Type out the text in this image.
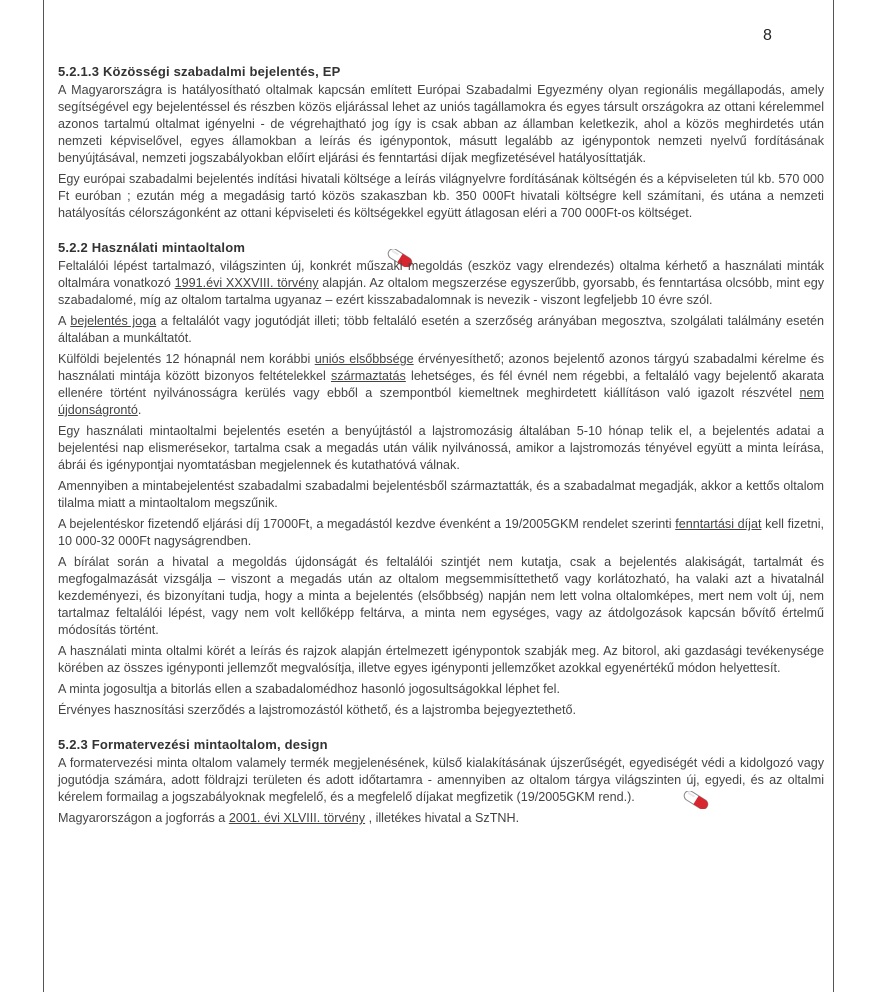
8
5.2.1.3 Közösségi szabadalmi bejelentés, EP

A Magyarországra is hatályosítható oltalmak kapcsán említett Európai Szabadalmi Egyezmény olyan regionális megállapodás, amely segítségével egy bejelentéssel és részben közös eljárással lehet az uniós tagállamokra és egyes társult országokra az ottani kérelemmel azonos tartalmú oltalmat igényelni - de végrehajtható jog így is csak abban az államban keletkezik, ahol a közös meghirdetés után nemzeti képviselővel, egyes államokban a leírás és igénypontok, másutt legalább az igénypontok nemzeti nyelvű fordításának benyújtásával, nemzeti jogszabályokban előírt eljárási és fenntartási díjak megfizetésével hatályosíttatják.

Egy európai szabadalmi bejelentés indítási hivatali költsége a leírás világnyelvre fordításának költségén és a képviseleten túl kb. 570 000 Ft euróban ; ezután még a megadásig tartó közös szakaszban kb. 350 000Ft hivatali költségre kell számítani, és utána a nemzeti hatályosítás célországonként az ottani képviseleti és költségekkel együtt átlagosan eléri a 700 000Ft-os költséget.

5.2.2 Használati mintaoltalom

Feltalálói lépést tartalmazó, világszinten új, konkrét műszaki megoldás (eszköz vagy elrendezés) oltalma kérhető a használati minták oltalmára vonatkozó 1991.évi XXXVIII. törvény alapján. Az oltalom megszerzése egyszerűbb, gyorsabb, és fenntartása olcsóbb, mint egy szabadalomé, míg az oltalom tartalma ugyanaz – ezért kisszabadalomnak is nevezik - viszont legfeljebb 10 évre szól.

A bejelentés joga a feltalálót vagy jogutódját illeti; több feltaláló esetén a szerzőség arányában megosztva, szolgálati találmány esetén általában a munkáltatót.

Külföldi bejelentés 12 hónapnál nem korábbi uniós elsőbbsége érvényesíthető; azonos bejelentő azonos tárgyú szabadalmi kérelme és használati mintája között bizonyos feltételekkel származtatás lehetséges, és fél évnél nem régebbi, a feltaláló vagy bejelentő akarata ellenére történt nyilvánosságra kerülés vagy ebből a szempontból kiemeltnek meghirdetett kiállításon való igazolt részvétel nem újdonságrontó.

Egy használati mintaoltalmi bejelentés esetén a benyújtástól a lajstromozásig általában 5-10 hónap telik el, a bejelentés adatai a bejelentési nap elismerésekor, tartalma csak a megadás után válik nyilvánossá, amikor a lajstromozás tényével együtt a minta leírása, ábrái és igénypontjai nyomtatásban megjelennek és kutathatóvá válnak.

Amennyiben a mintabejelentést szabadalmi szabadalmi bejelentésből származtatták, és a szabadalmat megadják, akkor a kettős oltalom tilalma miatt a mintaoltalom megszűnik.

A bejelentéskor fizetendő eljárási díj 17000Ft, a megadástól kezdve évenként a 19/2005GKM rendelet szerinti fenntartási díjat kell fizetni, 10 000-32 000Ft nagyságrendben.

A bírálat során a hivatal a megoldás újdonságát és feltalálói szintjét nem kutatja, csak a bejelentés alakiságát, tartalmát és megfogalmazását vizsgálja – viszont a megadás után az oltalom megsemmisíttethető vagy korlátozható, ha valaki azt a hivatalnál kezdeményezi, és bizonyítani tudja, hogy a minta a bejelentés (elsőbbség) napján nem lett volna oltalomképes, mert nem volt új, nem tartalmaz feltalálói lépést, vagy nem volt kellőképp feltárva, a minta nem egységes, vagy az átdolgozások kapcsán bővítő értelmű módosítás történt.

A használati minta oltalmi körét a leírás és rajzok alapján értelmezett igénypontok szabják meg. Az bitorol, aki gazdasági tevékenysége körében az összes igényponti jellemzőt megvalósítja, illetve egyes igényponti jellemzőket azokkal egyenértékű módon helyettesít.

A minta jogosultja a bitorlás ellen a szabadalomédhoz hasonló jogosultságokkal léphet fel.

Érvényes hasznosítási szerződés a lajstromozástól köthető, és a lajstromba bejegyeztethető.

5.2.3 Formatervezési mintaoltalom, design

A formatervezési minta oltalom valamely termék megjelenésének, külső kialakításának újszerűségét, egyediségét védi a kidolgozó vagy jogutódja számára, adott földrajzi területen és adott időtartamra - amennyiben az oltalom tárgya világszinten új, egyedi, és az oltalmi kérelem formailag a jogszabályoknak megfelelő, és a megfelelő díjakat megfizetik (19/2005GKM rend.).

Magyarországon a jogforrás a 2001. évi XLVIII. törvény , illetékes hivatal a SzTNH.
